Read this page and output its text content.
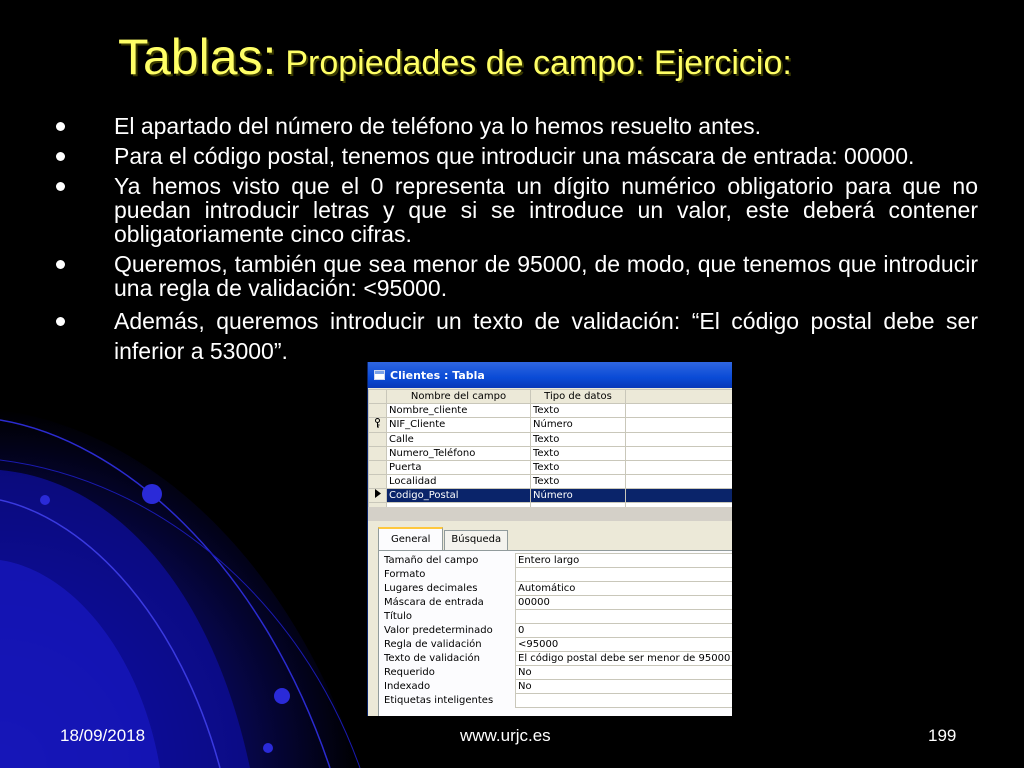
Tablas: Propiedades de campo: Ejercicio:
El apartado del número de teléfono ya lo hemos resuelto antes.
Para el código postal, tenemos que introducir una máscara de entrada: 00000.
Ya hemos visto que el 0 representa un dígito numérico obligatorio para que no puedan introducir letras y que si se introduce un valor, este deberá contener obligatoriamente cinco cifras.
Queremos, también que sea menor de 95000, de modo, que tenemos que introducir una regla de validación: <95000.
Además, queremos introducir un texto de validación: “El código postal debe ser inferior a 53000”.
Clientes : Tabla
	Nombre del campo	Tipo de datos	
	Nombre_cliente	Texto	
	NIF_Cliente	Número	
	Calle	Texto	
	Numero_Teléfono	Texto	
	Puerta	Texto	
	Localidad	Texto	
	Codigo_Postal	Número	

General	Búsqueda
Tamaño del campo	Entero largo
Formato	
Lugares decimales	Automático
Máscara de entrada	00000
Título	
Valor predeterminado	0
Regla de validación	<95000
Texto de validación	El código postal debe ser menor de 95000
Requerido	No
Indexado	No
Etiquetas inteligentes	
18/09/2018	www.urjc.es	199
